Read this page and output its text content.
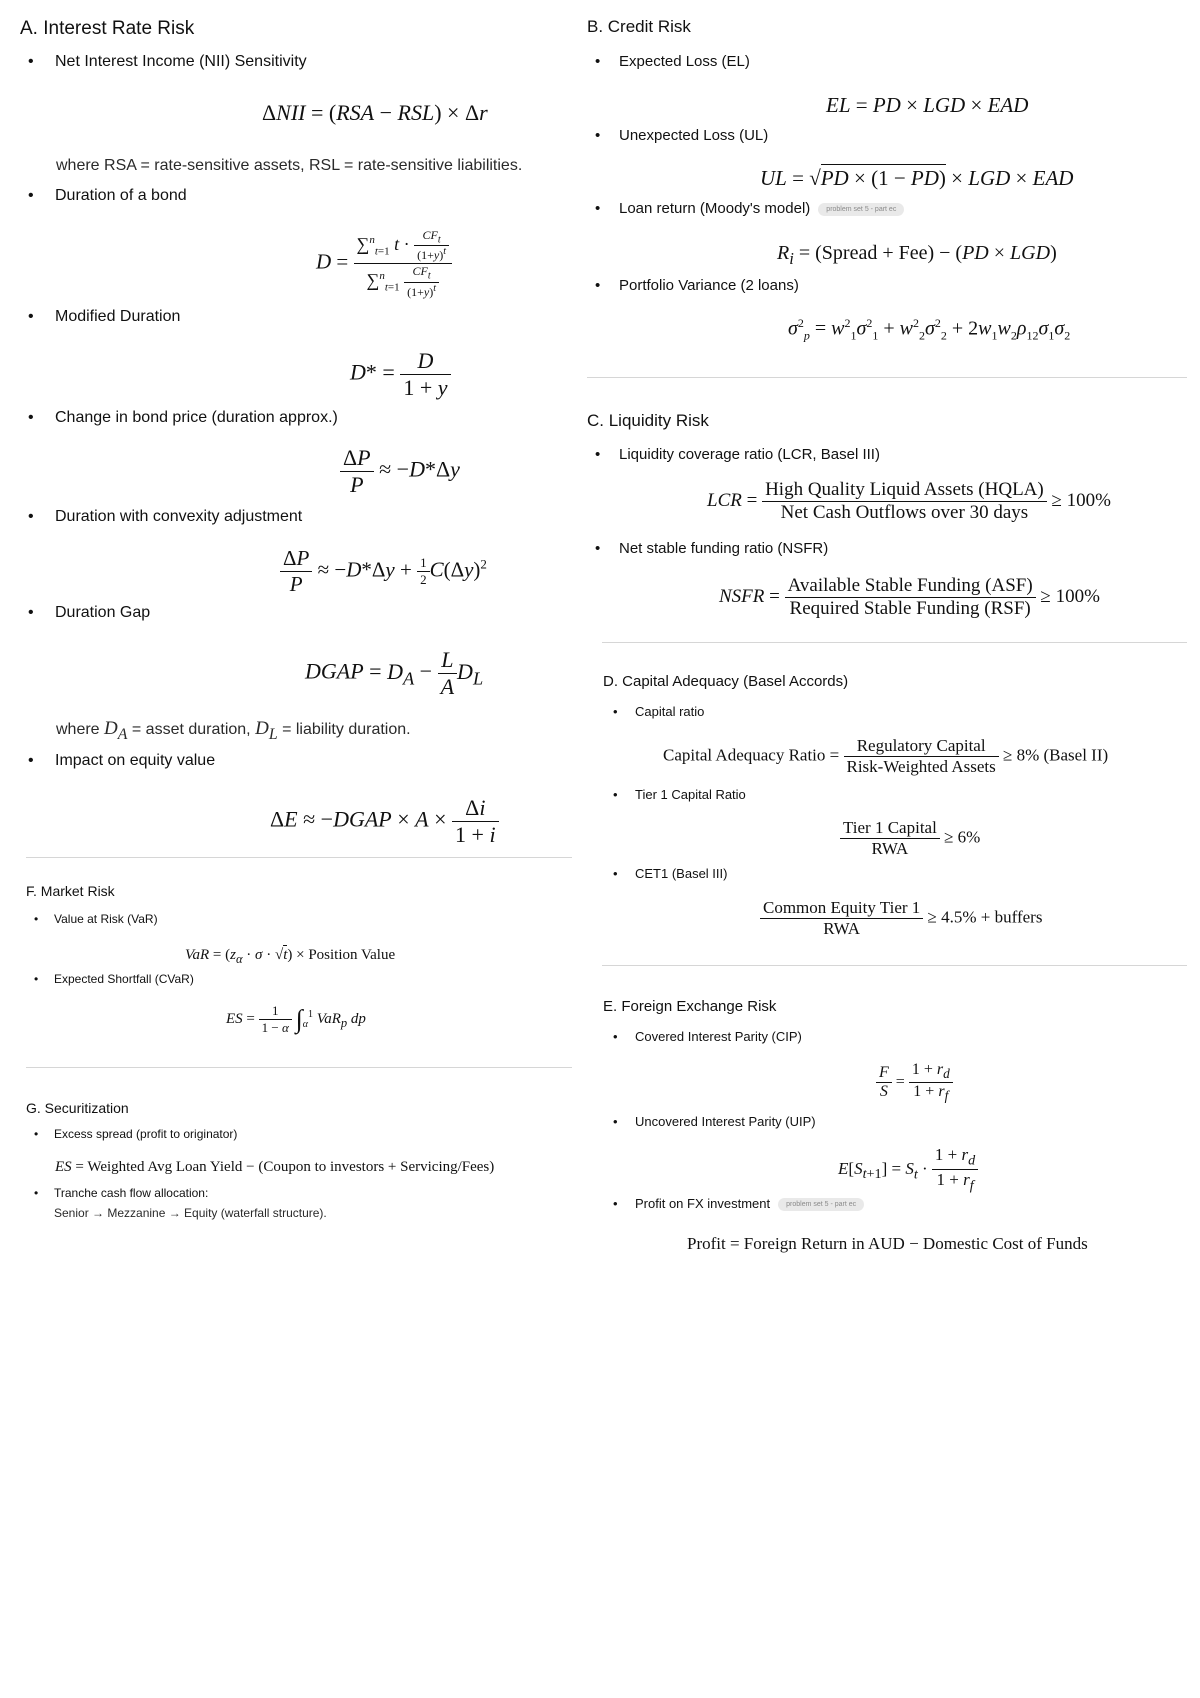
A. Interest Rate Risk
• Net Interest Income (NII) Sensitivity
ΔNII = (RSA − RSL) × Δr
where RSA = rate-sensitive assets, RSL = rate-sensitive liabilities.
• Duration of a bond
$D = \frac{\sum^n_{t=1} t \cdot \frac{CF_t}{(1+y)^t}}{\sum^n_{t=1} \frac{CF_t}{(1+y)^t}}$
• Modified Duration
$D* = \frac{D}{1 + y}$
• Change in bond price (duration approx.)
$\frac{\Delta P}{P} \approx -D*\Delta y$
• Duration with convexity adjustment
$\frac{\Delta P}{P} \approx -D*\Delta y + \frac{1}{2} C(\Delta y)^2$
• Duration Gap
DGAP = $D_A - \frac{L}{A} D_L$
where $D_A$ = asset duration, $D_L$ = liability duration.
• Impact on equity value
ΔE ≈ −DGAP × $A \times \frac{\Delta i}{1 + i}$
F. Market Risk
• Value at Risk (VaR)
VaR = $(z_\alpha \cdot \sigma \cdot √t)$ × Position Value
• Expected Shortfall (CVaR)
ES = $\frac{1}{1 - \alpha} \int_\alpha^1$ VaR$_p$ dp
G. Securitization
• Excess spread (profit to originator)
ES = Weighted Avg Loan Yield − (Coupon to investors + Servicing/Fees)
• Tranche cash flow allocation:
Senior → Mezzanine → Equity (waterfall structure).
B. Credit Risk
• Expected Loss (EL)
EL = PD × LGD × EAD
• Unexpected Loss (UL)
UL = √PD × (1 − PD) × LGD × EAD
• Loan return (Moody's model) problem set 5 - part ec
$R_i$ = (Spread + Fee) − (PD × LGD)
• Portfolio Variance (2 loans)
$\sigma^2_p = w^2_1\sigma^2_1 + w^2_2\sigma^2_2 + 2w_1w_2\rho_{12}\sigma_1\sigma_2$
C. Liquidity Risk
• Liquidity coverage ratio (LCR, Basel III)
LCR = $\frac{\text{High Quality Liquid Assets (HQLA)}}{\text{Net Cash Outflows over 30 days}} \ge 100\%$
• Net stable funding ratio (NSFR)
NSFR = $\frac{\text{Available Stable Funding (ASF)}}{\text{Required Stable Funding (RSF)}} \ge 100\%$
D. Capital Adequacy (Basel Accords)
• Capital ratio
Capital Adequacy Ratio = $\frac{\text{Regulatory Capital}}{\text{Risk-Weighted Assets}} \ge 8\%$ (Basel II)
• Tier 1 Capital Ratio
$\frac{\text{Tier 1 Capital}}{\text{RWA}} \ge 6\%$
• CET1 (Basel III)
$\frac{\text{Common Equity Tier 1}}{\text{RWA}} \ge 4.5\%$ + buffers
E. Foreign Exchange Risk
• Covered Interest Parity (CIP)
$\frac{F}{S} = \frac{1 + r_d}{1 + r_f}$
• Uncovered Interest Parity (UIP)
$E[S_{t+1}] = S_t \cdot \frac{1 + r_d}{1 + r_f}$
• Profit on FX investment problem set 5 - part ec
Profit = Foreign Return in AUD − Domestic Cost of Funds
